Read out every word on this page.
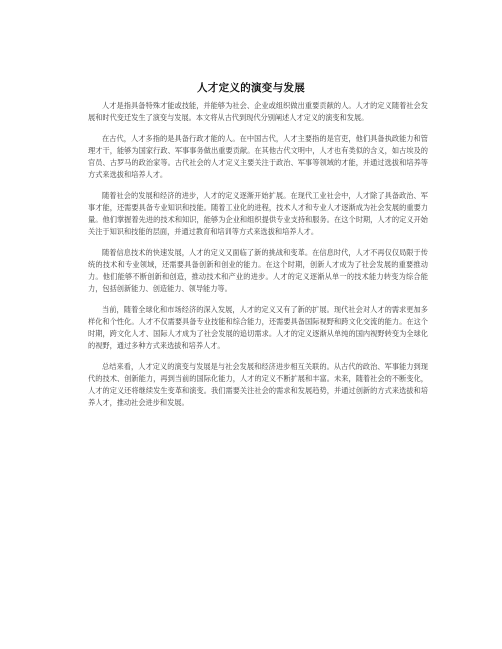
人才定义的演变与发展

人才是指具备特殊才能或技能，并能够为社会、企业或组织做出重要贡献的人。人才的定义随着社会发展和时代变迁发生了演变与发展。本文将从古代到现代分别阐述人才定义的演变和发展。

在古代，人才多指的是具备行政才能的人。在中国古代，人才主要指的是官吏，他们具备执政能力和管理才干，能够为国家行政、军事事务做出重要贡献。在其他古代文明中，人才也有类似的含义，如古埃及的官员、古罗马的政治家等。古代社会的人才定义主要关注于政治、军事等领域的才能，并通过选拔和培养等方式来选拔和培养人才。

随着社会的发展和经济的进步，人才的定义逐渐开始扩展。在现代工业社会中，人才除了具备政治、军事才能，还需要具备专业知识和技能。随着工业化的进程，技术人才和专业人才逐渐成为社会发展的重要力量。他们掌握着先进的技术和知识，能够为企业和组织提供专业支持和服务。在这个时期，人才的定义开始关注于知识和技能的层面，并通过教育和培训等方式来选拔和培养人才。

随着信息技术的快速发展，人才的定义又面临了新的挑战和变革。在信息时代，人才不再仅仅局限于传统的技术和专业领域，还需要具备创新和创业的能力。在这个时期，创新人才成为了社会发展的重要推动力。他们能够不断创新和创造，推动技术和产业的进步。人才的定义逐渐从单一的技术能力转变为综合能力，包括创新能力、创造能力、领导能力等。

当前，随着全球化和市场经济的深入发展，人才的定义又有了新的扩展。现代社会对人才的需求更加多样化和个性化。人才不仅需要具备专业技能和综合能力，还需要具备国际视野和跨文化交流的能力。在这个时期，跨文化人才、国际人才成为了社会发展的追切需求。人才的定义逐渐从单纯的国内视野转变为全球化的视野，通过多种方式来选拔和培养人才。

总结来看，人才定义的演变与发展是与社会发展和经济进步相互关联的。从古代的政治、军事能力到现代的技术、创新能力，再到当前的国际化能力，人才的定义不断扩展和丰富。未来，随着社会的不断变化，人才的定义还将继续发生变革和演变。我们需要关注社会的需求和发展趋势，并通过创新的方式来选拔和培养人才，推动社会进步和发展。
